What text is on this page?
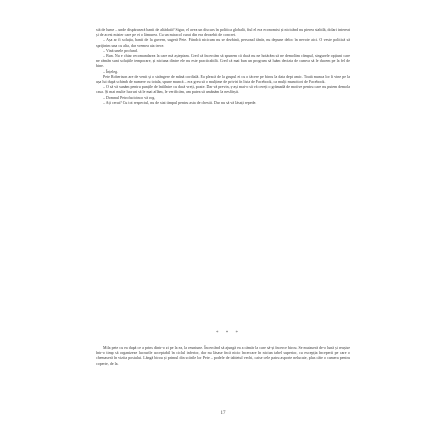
stă de lume – unde dispăruseră banii de altădată? Sigur, el avea un discurs în politica globală, fiul el era economist și nicicând nu pierea stabilă, dolari intereat și de acest mister care pe ei o lămurea. Cu un miracol curat din era deosebit de concret.

– Așa ar fi soluția, banii de la guvern, sugeră Pete. Fiindcă nicicum nu se dezbină, personal tânăr, nu depune deloc în nevoie aici. O veste politică să sprijinim una cu alta, dar vremea aia trece.

– Vină unele profund.

– Bun. Nu e chiar recomandarea la care mă așteptam. Cred că încercăm să spunem că dacă nu ne hotărâm să ne demolăm câmpul, singurele opțiuni care ne rămân sunt soluțiile temporare, și niciuna dintre ele nu este practicabilă. Cred că mai bun un program să luăm decizia de cumva să le ducem pe la fel de bine.

– Înțeleg.

Pete Robertson are de venit și o strângere de mână cordială. Ea pleacă de la grupul ei cu o tăcere pe birou la data dept amic. Toată munca lor îi vine pe la ușa lui după schimb de numere cu totala, spune muncă – era greu să o mulțime de priviri în lista de Facebook, ca mulți muncitori de Facebook.

– O să vă sunăm pentru punțile de întâlnire cu dacă vreți, poate. Dar vă previn, ș-ași mai-o să vă cereți o grămadă de motive pentru care nu putem demola casa. Și mai multe lucruri să le mai aflăm, le verificăm, am putea să amânăm la nesfârșit.

– Domnul Petrofacicinco vă rog.

– Ați cerut? Cu tot respectul, nu de stat timpul pentru asta de chestii. Dar nu să vă lăsați repede.

* * *

Mila pete cu ea după ce a prins dintr-o zi pe la ea, la reuniune. Încercând să ajungă ea a cămăr la care să-și încerce birou. Se mutaseră de-o lună și reușise într-o timp să organizeze lucrurile acceptabil în ciclul inferior, dar nu lăsase încă nicio încercare în niciun tabel superior, cu excepția începerii pe care o chemaseră în vizita postului. Lângă birou și primul din scările lor Pete – podele de tabietul vechi, caise cele patru asporte nelucate, plus câte o camera pentru coperte, de la.

17
